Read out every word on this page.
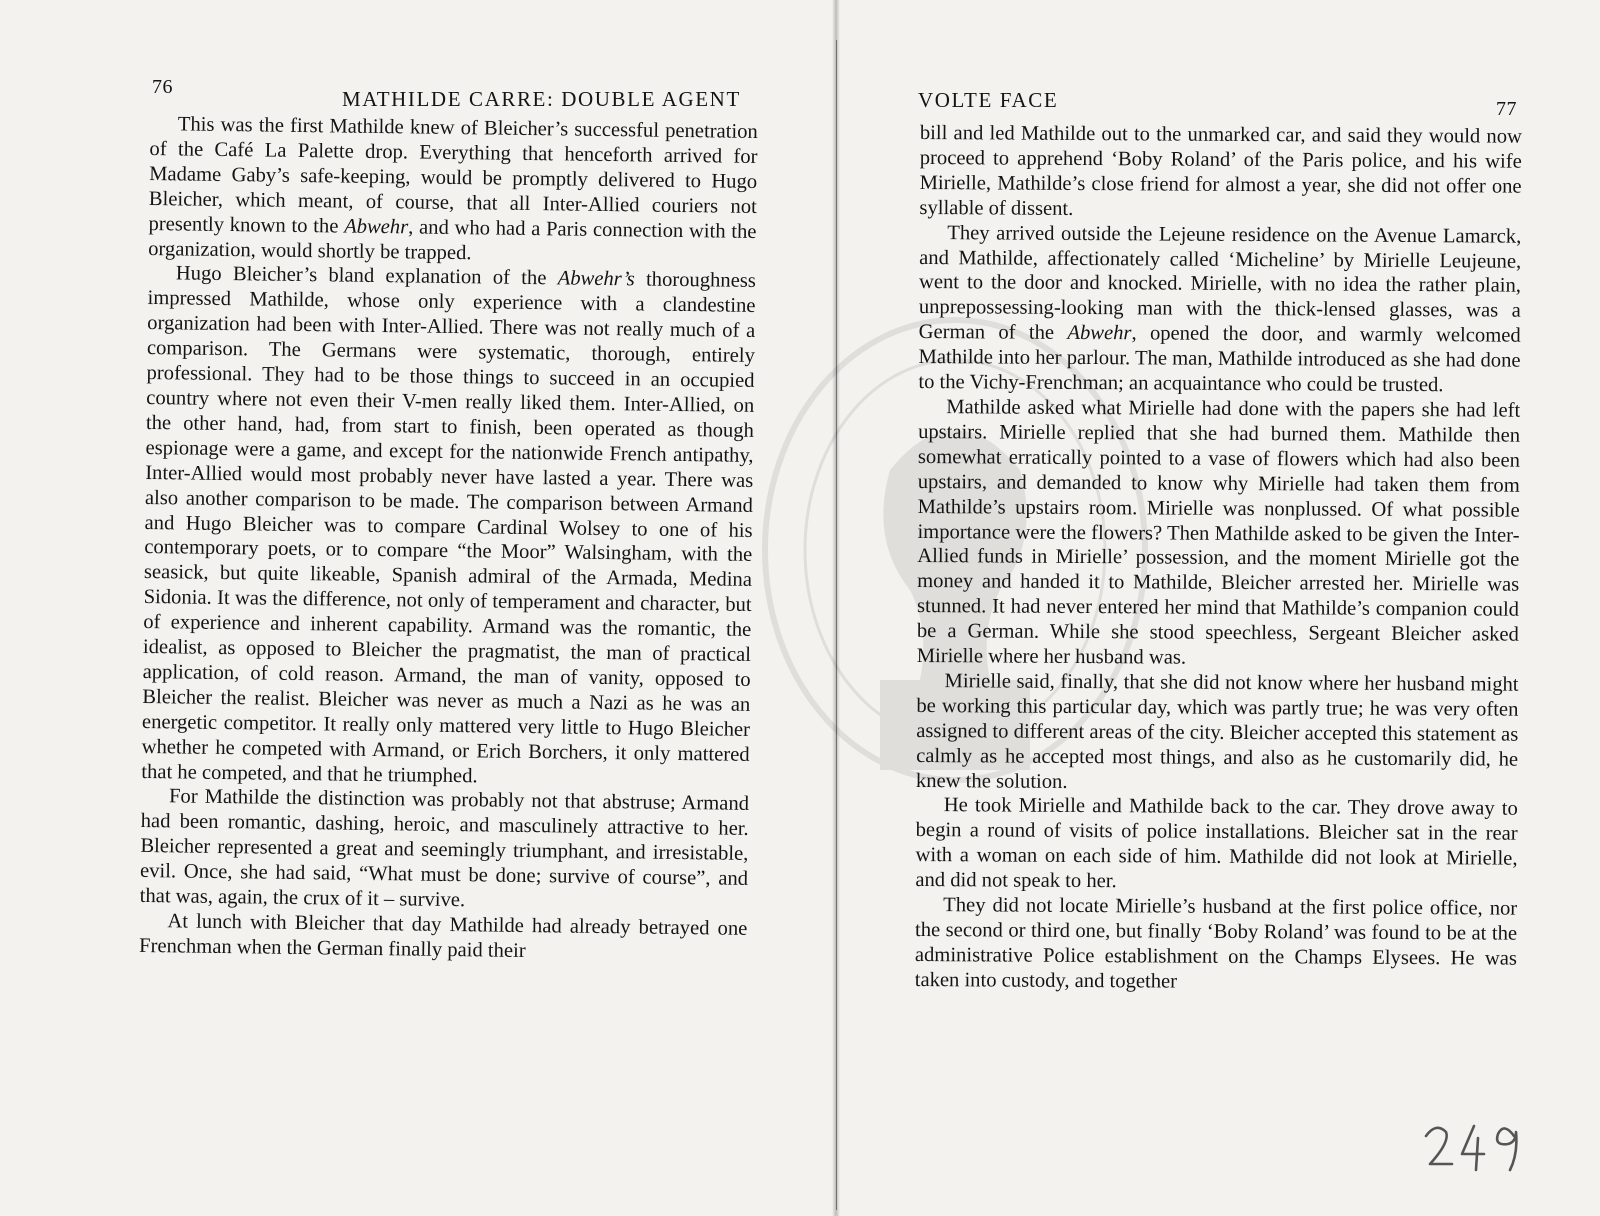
76	MATHILDE CARRE: DOUBLE AGENT

This was the first Mathilde knew of Bleicher’s successful penetration of the Café La Palette drop. Everything that henceforth arrived for Madame Gaby’s safe-keeping, would be promptly delivered to Hugo Bleicher, which meant, of course, that all Inter-Allied couriers not presently known to the Abwehr, and who had a Paris connection with the organization, would shortly be trapped.

Hugo Bleicher’s bland explanation of the Abwehr’s thoroughness impressed Mathilde, whose only experience with a clandestine organization had been with Inter-Allied. There was not really much of a comparison. The Germans were systematic, thorough, entirely professional. They had to be those things to succeed in an occupied country where not even their V-men really liked them. Inter-Allied, on the other hand, had, from start to finish, been operated as though espionage were a game, and except for the nationwide French antipathy, Inter-Allied would most probably never have lasted a year. There was also another comparison to be made. The comparison between Armand and Hugo Bleicher was to compare Cardinal Wolsey to one of his contemporary poets, or to compare “the Moor” Walsingham, with the seasick, but quite likeable, Spanish admiral of the Armada, Medina Sidonia. It was the difference, not only of temperament and character, but of experience and inherent capability. Armand was the romantic, the idealist, as opposed to Bleicher the pragmatist, the man of practical application, of cold reason. Armand, the man of vanity, opposed to Bleicher the realist. Bleicher was never as much a Nazi as he was an energetic competitor. It really only mattered very little to Hugo Bleicher whether he competed with Armand, or Erich Borchers, it only mattered that he competed, and that he triumphed.

For Mathilde the distinction was probably not that abstruse; Armand had been romantic, dashing, heroic, and masculinely attractive to her. Bleicher represented a great and seemingly triumphant, and irresistable, evil. Once, she had said, “What must be done; survive of course”, and that was, again, the crux of it – survive.

At lunch with Bleicher that day Mathilde had already betrayed one Frenchman when the German finally paid their

VOLTE FACE	77

bill and led Mathilde out to the unmarked car, and said they would now proceed to apprehend ‘Boby Roland’ of the Paris police, and his wife Mirielle, Mathilde’s close friend for almost a year, she did not offer one syllable of dissent.

They arrived outside the Lejeune residence on the Avenue Lamarck, and Mathilde, affectionately called ‘Micheline’ by Mirielle Leujeune, went to the door and knocked. Mirielle, with no idea the rather plain, unprepossessing-looking man with the thick-lensed glasses, was a German of the Abwehr, opened the door, and warmly welcomed Mathilde into her parlour. The man, Mathilde introduced as she had done to the Vichy-Frenchman; an acquaintance who could be trusted.

Mathilde asked what Mirielle had done with the papers she had left upstairs. Mirielle replied that she had burned them. Mathilde then somewhat erratically pointed to a vase of flowers which had also been upstairs, and demanded to know why Mirielle had taken them from Mathilde’s upstairs room. Mirielle was nonplussed. Of what possible importance were the flowers? Then Mathilde asked to be given the Inter-Allied funds in Mirielle’ possession, and the moment Mirielle got the money and handed it to Mathilde, Bleicher arrested her. Mirielle was stunned. It had never entered her mind that Mathilde’s companion could be a German. While she stood speechless, Sergeant Bleicher asked Mirielle where her husband was.

Mirielle said, finally, that she did not know where her husband might be working this particular day, which was partly true; he was very often assigned to different areas of the city. Bleicher accepted this statement as calmly as he accepted most things, and also as he customarily did, he knew the solution.

He took Mirielle and Mathilde back to the car. They drove away to begin a round of visits of police installations. Bleicher sat in the rear with a woman on each side of him. Mathilde did not look at Mirielle, and did not speak to her.

They did not locate Mirielle’s husband at the first police office, nor the second or third one, but finally ‘Boby Roland’ was found to be at the administrative Police establishment on the Champs Elysees. He was taken into custody, and together
